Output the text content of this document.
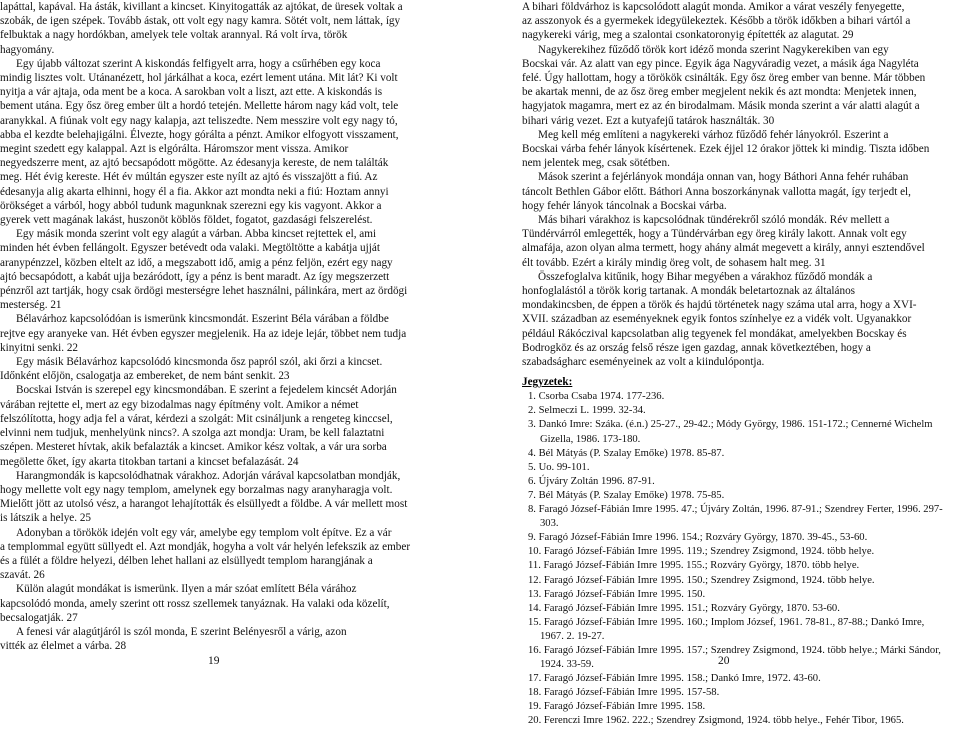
lapáttal, kapával. Ha ásták, kivillant a kincset. Kinyitogatták az ajtókat, de üresek voltak a

szobák, de igen szépek. Tovább ástak, ott volt egy nagy kamra. Sötét volt, nem láttak, így

felbuktak a nagy hordókban, amelyek tele voltak arannyal. Rá volt írva, török

hagyomány.

Egy újabb változat szerint A kiskondás felfigyelt arra, hogy a csűrhében egy koca

mindig lisztes volt. Utánanézett, hol járkálhat a koca, ezért lement utána. Mit lát? Ki volt

nyitja a vár ajtaja, oda ment be a koca. A sarokban volt a liszt, azt ette. A kiskondás is

bement utána. Egy ősz öreg ember ült a hordó tetején. Mellette három nagy kád volt, tele

aranykkal. A fiúnak volt egy nagy kalapja, azt teliszedte. Nem messzire volt egy nagy tó,

abba el kezdte belehajigálni. Élvezte, hogy górálta a pénzt. Amikor elfogyott visszament,

megint szedett egy kalappal. Azt is elgórálta. Háromszor ment vissza. Amikor

negyedszerre ment, az ajtó becsapódott mögötte. Az édesanyja kereste, de nem találták

meg. Hét évig kereste. Hét év múltán egyszer este nyílt az ajtó és visszajött a fiú. Az

édesanyja alig akarta elhinni, hogy él a fia. Akkor azt mondta neki a fiú: Hoztam annyi

örökséget a várból, hogy abból tudunk magunknak szerezni egy kis vagyont. Akkor a

gyerek vett magának lakást, huszonöt köblös földet, fogatot, gazdasági felszerelést.

Egy másik monda szerint volt egy alagút a várban. Abba kincset rejtettek el, ami

minden hét évben fellángolt. Egyszer betévedt oda valaki. Megtöltötte a kabátja ujját

aranypénzzel, közben eltelt az idő, a megszabott idő, amig a pénz feljön, ezért egy nagy

ajtó becsapódott, a kabát ujja bezáródott, így a pénz is bent maradt. Az így megszerzett

pénzről azt tartják, hogy csak ördögi mesterségre lehet használni, pálinkára, mert az ördögi

mesterség. 21

Bélavárhoz kapcsolódóan is ismerünk kincsmondát. Eszerint Béla várában a földbe

rejtve egy aranyeke van. Hét évben egyszer megjelenik. Ha az ideje lejár, többet nem tudja

kinyitni senki. 22

Egy másik Bélavárhoz kapcsolódó kincsmonda ősz papról szól, aki őrzi a kincset.

Időnként előjön, csalogatja az embereket, de nem bánt senkit. 23

Bocskai István is szerepel egy kincsmondában. E szerint a fejedelem kincsét Adorján

várában rejtette el, mert az egy bizodalmas nagy építmény volt. Amikor a német

felszólította, hogy adja fel a várat, kérdezi a szolgát: Mit csináljunk a rengeteg kinccsel,

elvinni nem tudjuk, menhelyünk nincs?. A szolga azt mondja: Uram, be kell falaztatni

szépen. Mesteret hívtak, akik befalazták a kincset. Amikor kész voltak, a vár ura sorba

megölette őket, így akarta titokban tartani a kincset befalazását. 24

Harangmondák is kapcsolódhatnak várakhoz. Adorján várával kapcsolatban mondják,

hogy mellette volt egy nagy templom, amelynek egy borzalmas nagy aranyharagja volt.

Mielőtt jött az utolsó vész, a harangot lehajították és elsüllyedt a földbe. A vár mellett most

is látszik a helye. 25

Adonyban a törökök idején volt egy vár, amelybe egy templom volt építve. Ez a vár

a templommal együtt süllyedt el. Azt mondják, hogyha a volt vár helyén lefekszik az ember

és a fülét a földre helyezi, délben lehet hallani az elsüllyedt templom harangjának a

szavát. 26

Külön alagút mondákat is ismerünk. Ilyen a már szóat említett Béla várához

kapcsolódó monda, amely szerint ott rossz szellemek tanyáznak. Ha valaki oda közelít,

becsalogatják. 27

A fenesi vár alagútjáról is szól monda, E szerint Belényesről a várig, azon

vitték az élelmet a várba. 28

19

A bihari földvárhoz is kapcsolódott alagút monda. Amikor a várat veszély fenyegette,

az asszonyok és a gyermekek idegyülekeztek. Később a török időkben a bihari vártól a

nagykereki várig, meg a szalontai csonkatoronyig építették az alagutat. 29

Nagykerekihez fűződő török kort idéző monda szerint Nagykerekiben van egy

Bocskai vár. Az alatt van egy pince. Egyik ága Nagyváradig vezet, a másik ága Nagyléta

felé. Úgy hallottam, hogy a törökök csinálták. Egy ősz öreg ember van benne. Már többen

be akartak menni, de az ősz öreg ember megjelent nekik és azt mondta: Menjetek innen,

hagyjatok magamra, mert ez az én birodalmam. Másik monda szerint a vár alatti alagút a

bihari várig vezet. Ezt a kutyafejű tatárok használták. 30

Meg kell még említeni a nagykereki várhoz fűződő fehér lányokról. Eszerint a

Bocskai várba fehér lányok kísértenek. Ezek éjjel 12 órakor jöttek ki mindig. Tiszta időben

nem jelentek meg, csak sötétben.

Mások szerint a fejérlányok mondája onnan van, hogy Báthori Anna fehér ruhában

táncolt Bethlen Gábor előtt. Báthori Anna boszorkánynak vallotta magát, így terjedt el,

hogy fehér lányok táncolnak a Bocskai várba.

Más bihari várakhoz is kapcsolódnak tündérekről szóló mondák. Rév mellett a

Tündérvárról emlegették, hogy a Tündérvárban egy öreg király lakott. Annak volt egy

almafája, azon olyan alma termett, hogy ahány almát megevett a király, annyi esztendővel

élt tovább. Ezért a király mindig öreg volt, de sohasem halt meg. 31

Összefoglalva kitűnik, hogy Bihar megyében a várakhoz fűződő mondák a

honfoglalástól a török korig tartanak. A mondák beletartoznak az általános

mondakincsben, de éppen a török és hajdú történetek nagy száma utal arra, hogy a XVI-

XVII. században az eseményeknek egyik fontos színhelye ez a vidék volt. Ugyanakkor

például Rákóczival kapcsolatban alig tegyenek fel mondákat, amelyekben Bocskay és

Bodrogköz és az ország felső része igen gazdag, annak következtében, hogy a

szabadságharc eseményeinek az volt a kiindulópontja.

Jegyzetek:
1. Csorba Csaba 1974. 177-236.
2. Selmeczi L. 1999. 32-34.
3. Dankó Imre: Száka. (é.n.) 25-27., 29-42.; Módy György, 1986. 151-172.; Cennerné Wichelm Gizella, 1986. 173-180.
4. Bél Mátyás (P. Szalay Emőke) 1978. 85-87.
5. Uo. 99-101.
6. Újváry Zoltán 1996. 87-91.
7. Bél Mátyás (P. Szalay Emőke) 1978. 75-85.
8. Faragó József-Fábián Imre 1995. 47.; Újváry Zoltán, 1996. 87-91.; Szendrey Ferter, 1996. 297-303.
9. Faragó József-Fábián Imre 1996. 154.; Rozváry György, 1870. 39-45., 53-60.
10. Faragó József-Fábián Imre 1995. 119.; Szendrey Zsigmond, 1924. több helye.
11. Faragó József-Fábián Imre 1995. 155.; Rozváry György, 1870. több helye.
12. Faragó József-Fábián Imre 1995. 150.; Szendrey Zsigmond, 1924. több helye.
13. Faragó József-Fábián Imre 1995. 150.
14. Faragó József-Fábián Imre 1995. 151.; Rozváry György, 1870. 53-60.
15. Faragó József-Fábián Imre 1995. 160.; Implom József, 1961. 78-81., 87-88.; Dankó Imre, 1967. 2. 19-27.
16. Faragó József-Fábián Imre 1995. 157.; Szendrey Zsigmond, 1924. több helye.; Márki Sándor, 1924. 33-59.
17. Faragó József-Fábián Imre 1995. 158.; Dankó Imre, 1972. 43-60.
18. Faragó József-Fábián Imre 1995. 157-58.
19. Faragó József-Fábián Imre 1995. 158.
20. Ferenczi Imre 1962. 222.; Szendrey Zsigmond, 1924. több helye., Fehér Tibor, 1965.
20
